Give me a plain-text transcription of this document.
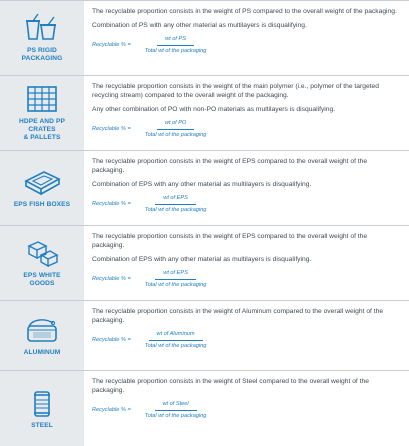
PS RIGID
PACKAGING

The recyclable proportion consists in the weight of PS compared to the overall weight of the packaging.

Combination of PS with any other material as multilayers is disqualifying.

Recyclable % = $\frac{\text{wt of PS}}{\text{Total wt of the packaging}}$
HDPE AND PP
CRATES
& PALLETS

The recyclable proportion consists in the weight of the main polymer (i.e., polymer of the targeted recycling stream) compared to the overall weight of the packaging.

Any other combination of PO with non-PO materials as multilayers is disqualifying.

Recyclable % = $\frac{\text{wt of PO}}{\text{Total wt of the packaging}}$
EPS FISH BOXES

The recyclable proportion consists in the weight of EPS compared to the overall weight of the packaging.

Combination of EPS with any other material as multilayers is disqualifying.

Recyclable % = $\frac{\text{wt of EPS}}{\text{Total wt of the packaging}}$
EPS WHITE
GOODS

The recyclable proportion consists in the weight of EPS compared to the overall weight of the packaging.

Combination of EPS with any other material as multilayers is disqualifying.

Recyclable % = $\frac{\text{wt of EPS}}{\text{Total wt of the packaging}}$
ALUMINUM

The recyclable proportion consists in the weight of Aluminum compared to the overall weight of the packaging.

Recyclable % = $\frac{\text{wt of Aluminum}}{\text{Total wt of the packaging}}$
STEEL

The recyclable proportion consists in the weight of Steel compared to the overall weight of the packaging.

Recyclable % = $\frac{\text{wt of Steel}}{\text{Total wt of the packaging}}$
